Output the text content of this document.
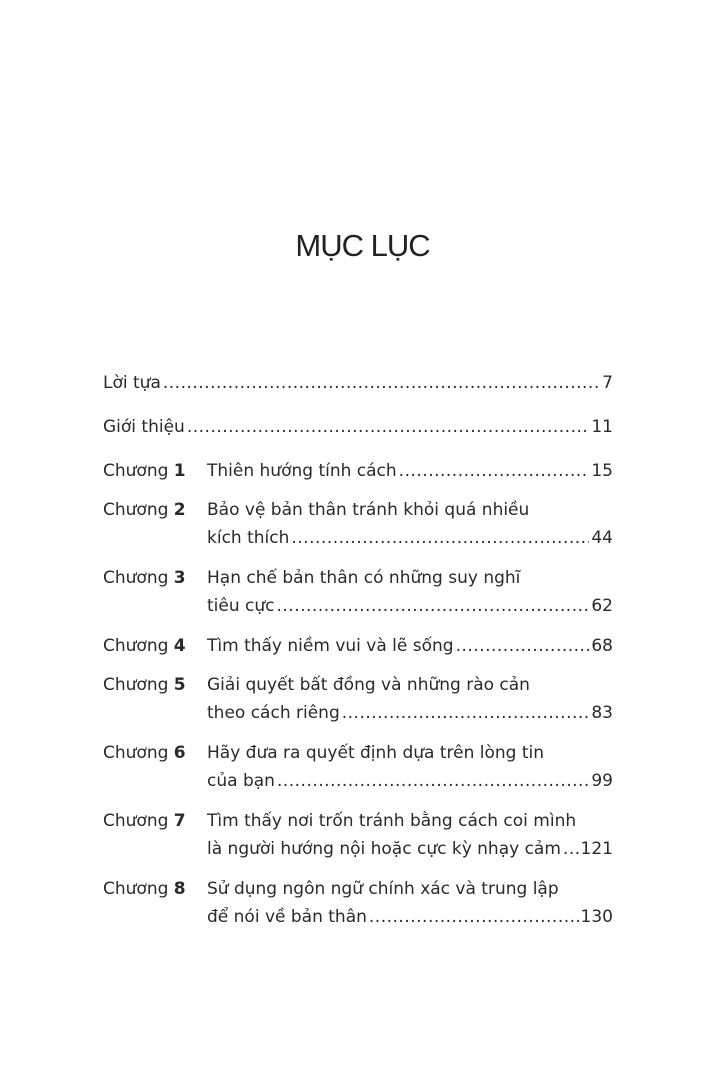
MỤC LỤC
Lời tựa .....	7
Giới thiệu .....	11
Chương 1 Thiên hướng tính cách .....	15
Chương 2 Bảo vệ bản thân tránh khỏi quá nhiều
kích thích .....	44
Chương 3 Hạn chế bản thân có những suy nghĩ
tiêu cực .....	62
Chương 4 Tìm thấy niềm vui và lẽ sống .....	68
Chương 5 Giải quyết bất đồng và những rào cản
theo cách riêng .....	83
Chương 6 Hãy đưa ra quyết định dựa trên lòng tin
của bạn .....	99
Chương 7 Tìm thấy nơi trốn tránh bằng cách coi mình
là người hướng nội hoặc cực kỳ nhạy cảm ..... 121
Chương 8 Sử dụng ngôn ngữ chính xác và trung lập
để nói về bản thân .....	130
